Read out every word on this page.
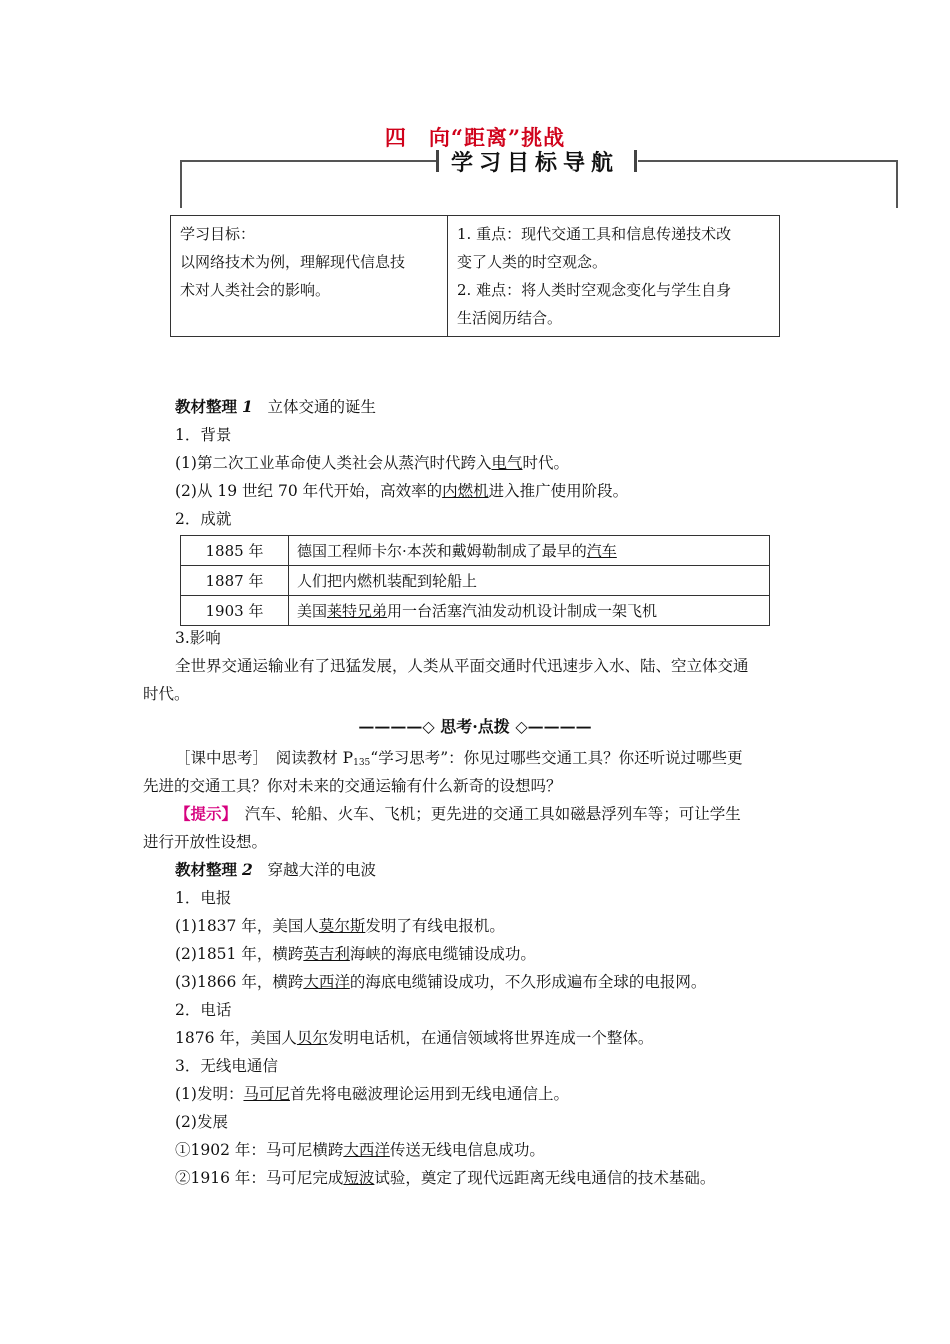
四　向“距离”挑战
学习目标导航
学习目标：
以网络技术为例，理解现代信息技
术对人类社会的影响。

1. 重点：现代交通工具和信息传递技术改
变了人类的时空观念。
2. 难点：将人类时空观念变化与学生自身
生活阅历结合。
教材整理 1 立体交通的诞生
1．背景
(1)第二次工业革命使人类社会从蒸汽时代跨入电气时代。
(2)从 19 世纪 70 年代开始，高效率的内燃机进入推广使用阶段。
2．成就
1885 年	德国工程师卡尔·本茨和戴姆勒制成了最早的汽车
1887 年	人们把内燃机装配到轮船上
1903 年	美国莱特兄弟用一台活塞汽油发动机设计制成一架飞机
3.影响
全世界交通运输业有了迅猛发展，人类从平面交通时代迅速步入水、陆、空立体交通
时代。
————◇ 思考·点拨 ◇————
［课中思考］　阅读教材 $P_{135}“$学习思考”：你见过哪些交通工具？你还听说过哪些更
先进的交通工具？你对未来的交通运输有什么新奇的设想吗？
【提示】　汽车、轮船、火车、飞机；更先进的交通工具如磁悬浮列车等；可让学生
进行开放性设想。
教材整理 2 穿越大洋的电波
1．电报
(1)1837 年，美国人莫尔斯发明了有线电报机。
(2)1851 年，横跨英吉利海峡的海底电缆铺设成功。
(3)1866 年，横跨大西洋的海底电缆铺设成功，不久形成遍布全球的电报网。
2．电话
1876 年，美国人贝尔发明电话机，在通信领域将世界连成一个整体。
3．无线电通信
(1)发明：马可尼首先将电磁波理论运用到无线电通信上。
(2)发展
①1902 年：马可尼横跨大西洋传送无线电信息成功。
②1916 年：马可尼完成短波试验，奠定了现代远距离无线电通信的技术基础。
